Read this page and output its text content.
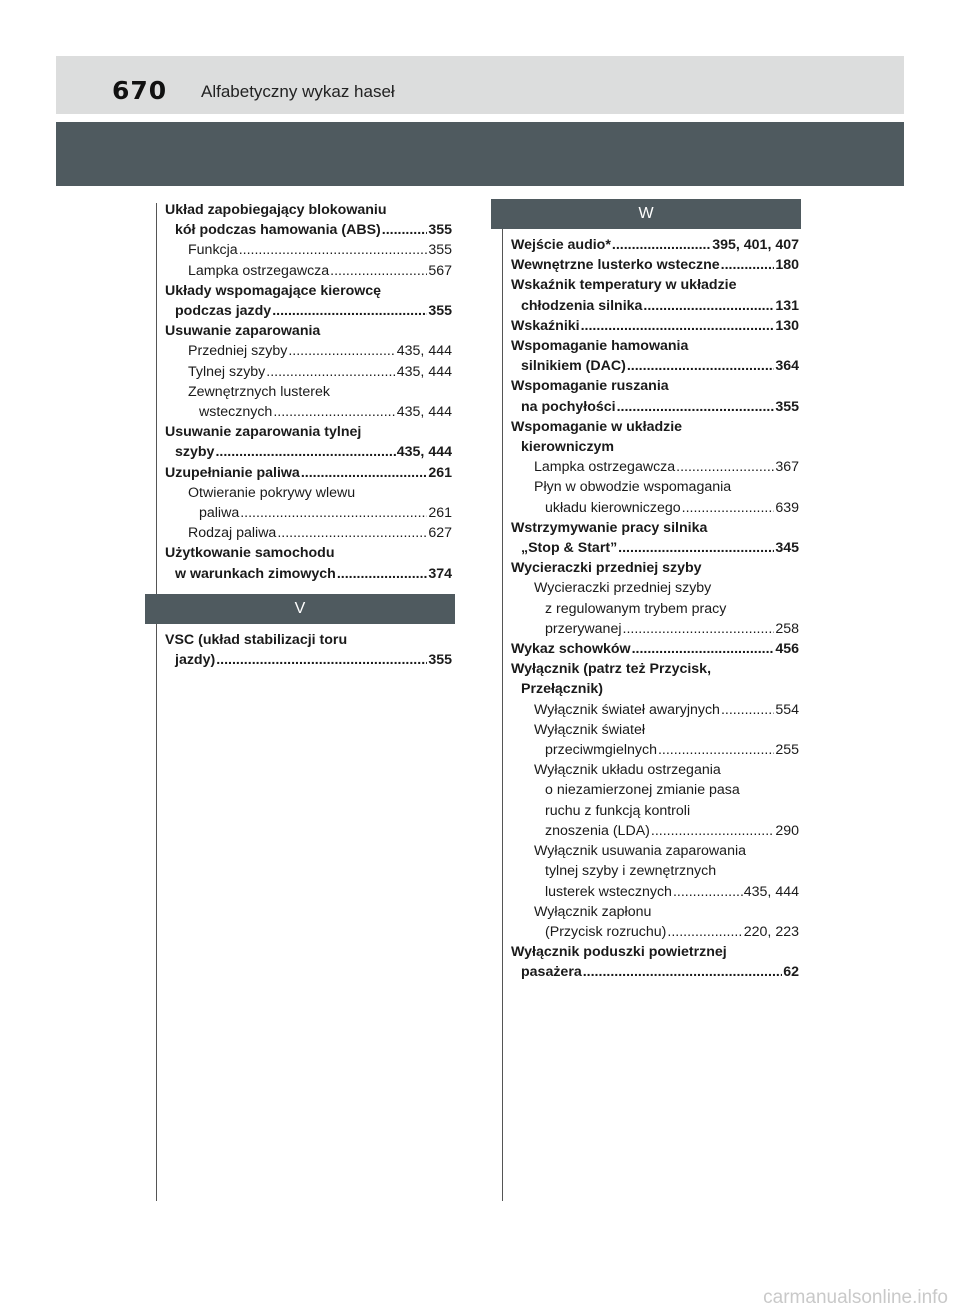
670 Alfabetyczny wykaz haseł
Układ zapobiegający blokowaniu
kół podczas hamowania (ABS) .....	355
Funkcja .....	355
Lampka ostrzegawcza .....	567
Układy wspomagające kierowcę
podczas jazdy .....	355
Usuwanie zaparowania
Przedniej szyby .....	435, 444
Tylnej szyby .....	435, 444
Zewnętrznych lusterek
wstecznych .....	435, 444
Usuwanie zaparowania tylnej
szyby .....	435, 444
Uzupełnianie paliwa .....	261
Otwieranie pokrywy wlewu
paliwa .....	261
Rodzaj paliwa .....	627
Użytkowanie samochodu
w warunkach zimowych .....	374
V
VSC (układ stabilizacji toru
jazdy) .....	355
W
Wejście audio* .....	395, 401, 407
Wewnętrzne lusterko wsteczne .....	180
Wskaźnik temperatury w układzie
chłodzenia silnika .....	131
Wskaźniki .....	130
Wspomaganie hamowania
silnikiem (DAC) .....	364
Wspomaganie ruszania
na pochyłości .....	355
Wspomaganie w układzie
kierowniczym
Lampka ostrzegawcza .....	367
Płyn w obwodzie wspomagania
układu kierowniczego .....	639
Wstrzymywanie pracy silnika
„Stop & Start” .....	345
Wycieraczki przedniej szyby
Wycieraczki przedniej szyby
z regulowanym trybem pracy
przerywanej .....	258
Wykaz schowków .....	456
Wyłącznik (patrz też Przycisk,
Przełącznik)
Wyłącznik świateł awaryjnych .....	554
Wyłącznik świateł
przeciwmgielnych .....	255
Wyłącznik układu ostrzegania
o niezamierzonej zmianie pasa
ruchu z funkcją kontroli
znoszenia (LDA) .....	290
Wyłącznik usuwania zaparowania
tylnej szyby i zewnętrznych
lusterek wstecznych .....	435, 444
Wyłącznik zapłonu
(Przycisk rozruchu) .....	220, 223
Wyłącznik poduszki powietrznej
pasażera .....	62
carmanualsonline.info
